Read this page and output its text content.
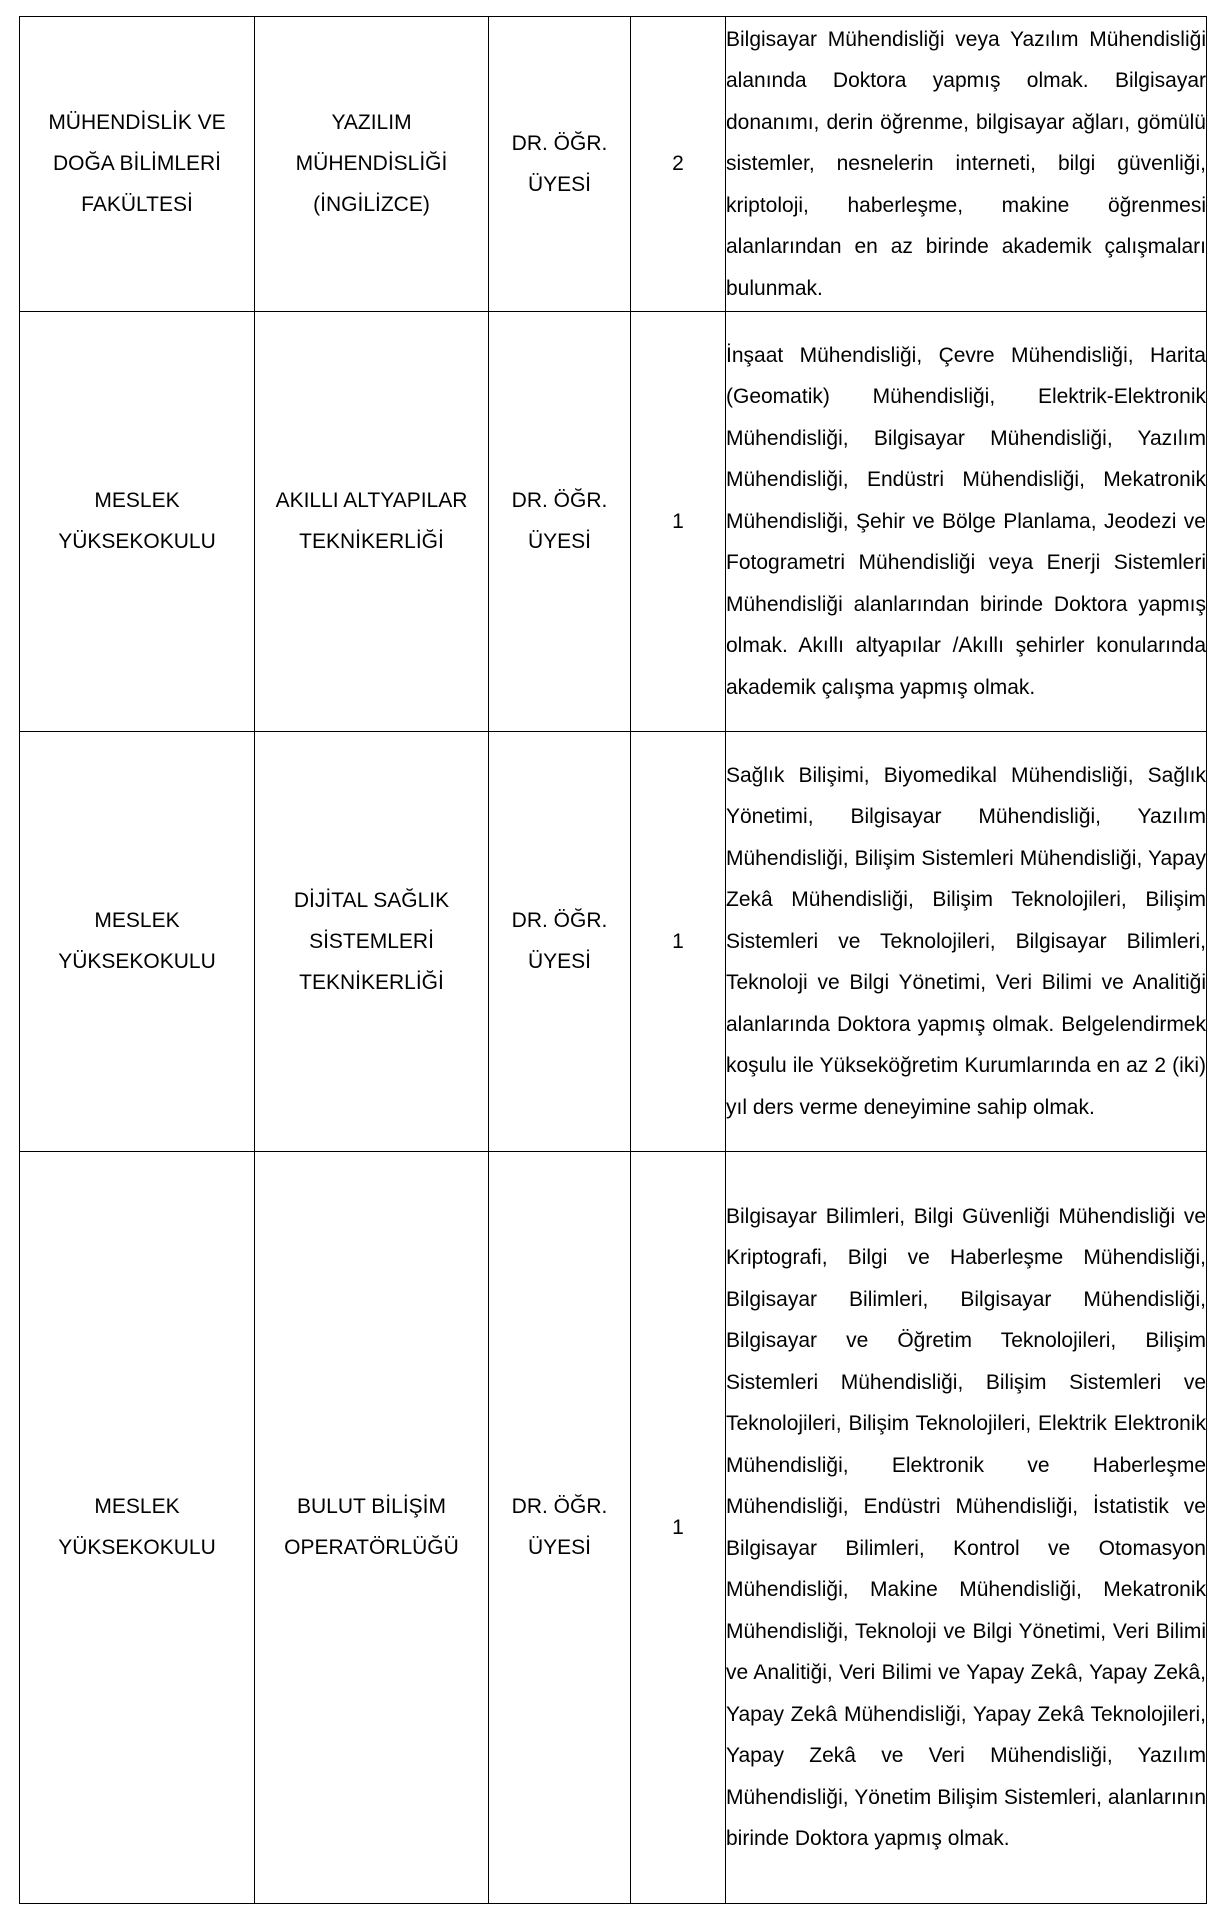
MÜHENDİSLİK VE DOĞA BİLİMLERİ FAKÜLTESİ	YAZILIM MÜHENDİSLİĞİ (İNGİLİZCE)	DR. ÖĞR. ÜYESİ	2	Bilgisayar Mühendisliği veya Yazılım Mühendisliği alanında Doktora yapmış olmak. Bilgisayar donanımı, derin öğrenme, bilgisayar ağları, gömülü sistemler, nesnelerin interneti, bilgi güvenliği, kriptoloji, haberleşme, makine öğrenmesi alanlarından en az birinde akademik çalışmaları bulunmak.
MESLEK YÜKSEKOKULU	AKILLI ALTYAPILAR TEKNİKERLİĞİ	DR. ÖĞR. ÜYESİ	1	İnşaat Mühendisliği, Çevre Mühendisliği, Harita (Geomatik) Mühendisliği, Elektrik-Elektronik Mühendisliği, Bilgisayar Mühendisliği, Yazılım Mühendisliği, Endüstri Mühendisliği, Mekatronik Mühendisliği, Şehir ve Bölge Planlama, Jeodezi ve Fotogrametri Mühendisliği veya Enerji Sistemleri Mühendisliği alanlarından birinde Doktora yapmış olmak. Akıllı altyapılar /Akıllı şehirler konularında akademik çalışma yapmış olmak.
MESLEK YÜKSEKOKULU	DİJİTAL SAĞLIK SİSTEMLERİ TEKNİKERLİĞİ	DR. ÖĞR. ÜYESİ	1	Sağlık Bilişimi, Biyomedikal Mühendisliği, Sağlık Yönetimi, Bilgisayar Mühendisliği, Yazılım Mühendisliği, Bilişim Sistemleri Mühendisliği, Yapay Zekâ Mühendisliği, Bilişim Teknolojileri, Bilişim Sistemleri ve Teknolojileri, Bilgisayar Bilimleri, Teknoloji ve Bilgi Yönetimi, Veri Bilimi ve Analitiği alanlarında Doktora yapmış olmak. Belgelendirmek koşulu ile Yükseköğretim Kurumlarında en az 2 (iki) yıl ders verme deneyimine sahip olmak.
MESLEK YÜKSEKOKULU	BULUT BİLİŞİM OPERATÖRLÜĞÜ	DR. ÖĞR. ÜYESİ	1	Bilgisayar Bilimleri, Bilgi Güvenliği Mühendisliği ve Kriptografi, Bilgi ve Haberleşme Mühendisliği, Bilgisayar Bilimleri, Bilgisayar Mühendisliği, Bilgisayar ve Öğretim Teknolojileri, Bilişim Sistemleri Mühendisliği, Bilişim Sistemleri ve Teknolojileri, Bilişim Teknolojileri, Elektrik Elektronik Mühendisliği, Elektronik ve Haberleşme Mühendisliği, Endüstri Mühendisliği, İstatistik ve Bilgisayar Bilimleri, Kontrol ve Otomasyon Mühendisliği, Makine Mühendisliği, Mekatronik Mühendisliği, Teknoloji ve Bilgi Yönetimi, Veri Bilimi ve Analitiği, Veri Bilimi ve Yapay Zekâ, Yapay Zekâ, Yapay Zekâ Mühendisliği, Yapay Zekâ Teknolojileri, Yapay Zekâ ve Veri Mühendisliği, Yazılım Mühendisliği, Yönetim Bilişim Sistemleri, alanlarının birinde Doktora yapmış olmak.
